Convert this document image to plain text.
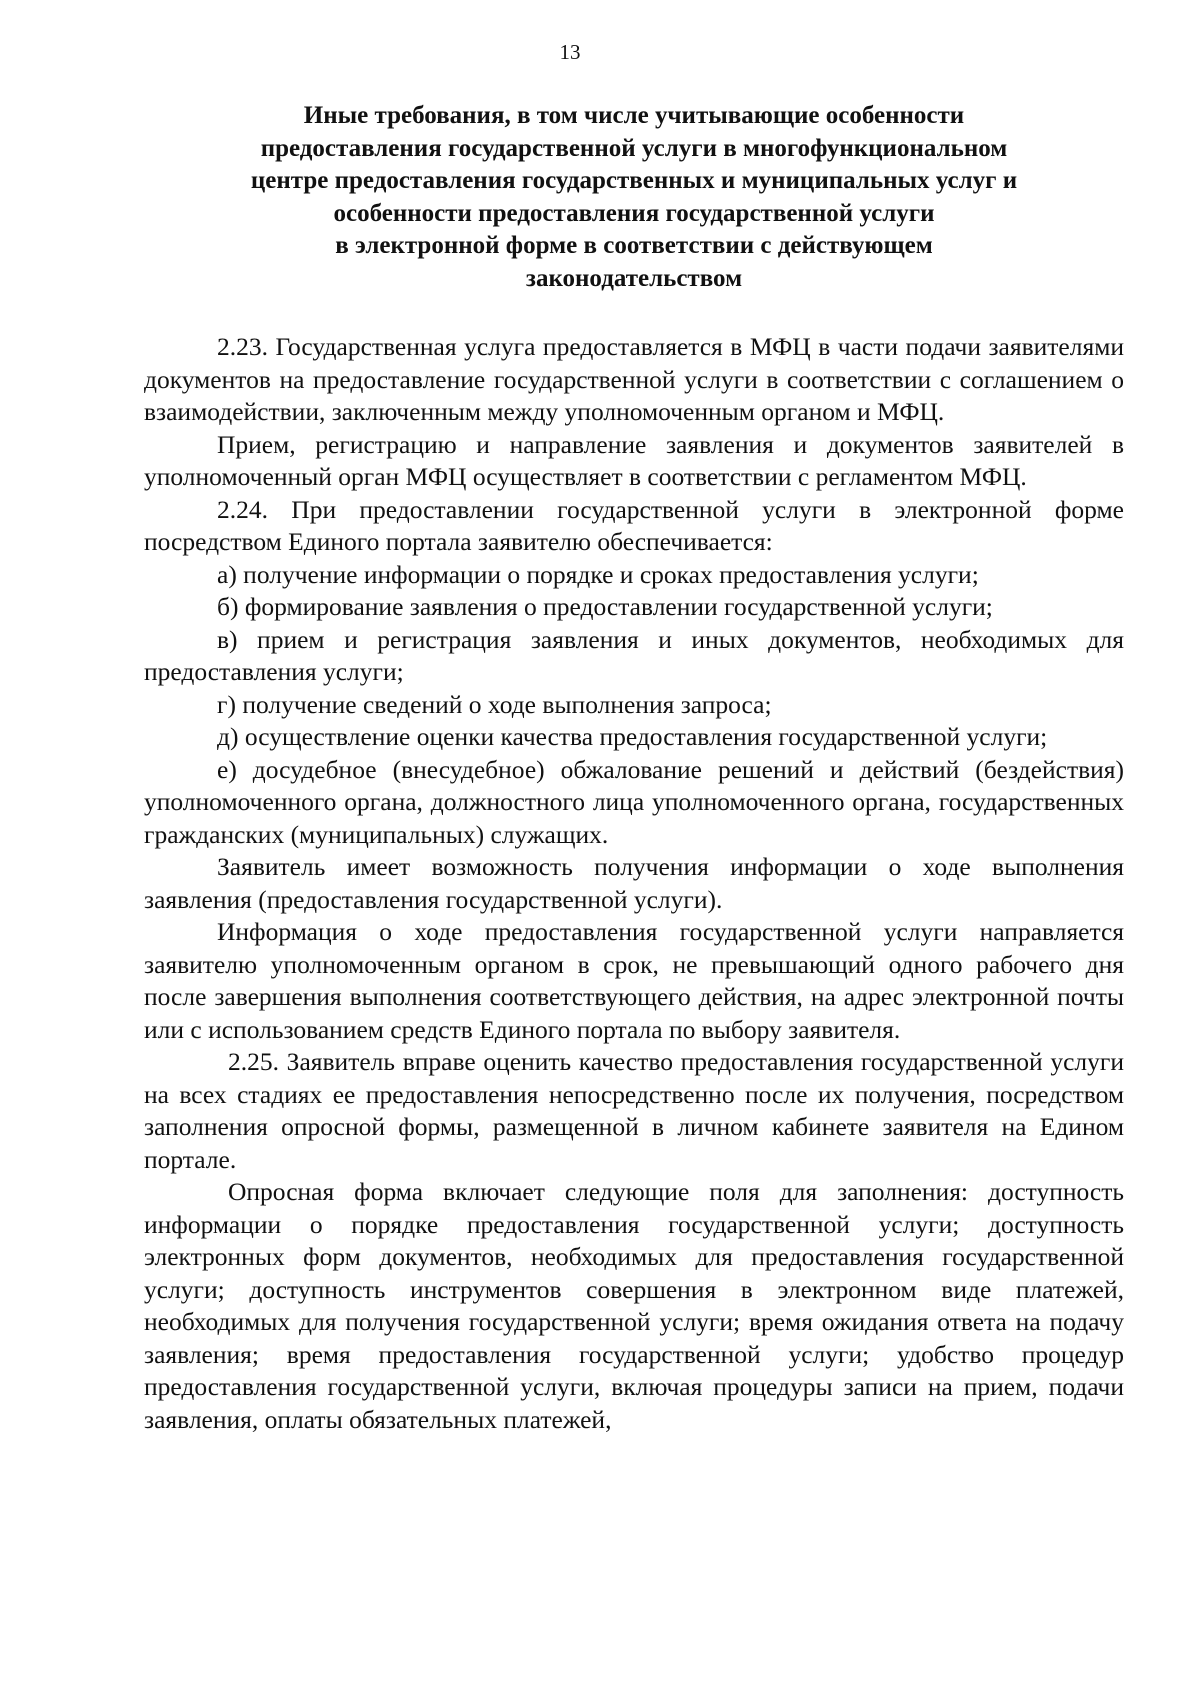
13
Иные требования, в том числе учитывающие особенности
предоставления государственной услуги в многофункциональном
центре предоставления государственных и муниципальных услуг и
особенности предоставления государственной услуги
в электронной форме в соответствии с действующем
законодательством

2.23. Государственная услуга предоставляется в МФЦ в части подачи заявителями документов на предоставление государственной услуги в соответствии с соглашением о взаимодействии, заключенным между уполномоченным органом и МФЦ.

Прием, регистрацию и направление заявления и документов заявителей в уполномоченный орган МФЦ осуществляет в соответствии с регламентом МФЦ.

2.24. При предоставлении государственной услуги в электронной форме посредством Единого портала заявителю обеспечивается:

а) получение информации о порядке и сроках предоставления услуги;

б) формирование заявления о предоставлении государственной услуги;

в) прием и регистрация заявления и иных документов, необходимых для предоставления услуги;

г) получение сведений о ходе выполнения запроса;

д) осуществление оценки качества предоставления государственной услуги;

е) досудебное (внесудебное) обжалование решений и действий (бездействия) уполномоченного органа, должностного лица уполномоченного органа, государственных гражданских (муниципальных) служащих.

Заявитель имеет возможность получения информации о ходе выполнения заявления (предоставления государственной услуги).

Информация о ходе предоставления государственной услуги направляется заявителю уполномоченным органом в срок, не превышающий одного рабочего дня после завершения выполнения соответствующего действия, на адрес электронной почты или с использованием средств Единого портала по выбору заявителя.

2.25. Заявитель вправе оценить качество предоставления государственной услуги на всех стадиях ее предоставления непосредственно после их получения, посредством заполнения опросной формы, размещенной в личном кабинете заявителя на Едином портале.

Опросная форма включает следующие поля для заполнения: доступность информации о порядке предоставления государственной услуги; доступность электронных форм документов, необходимых для предоставления государственной услуги; доступность инструментов совершения в электронном виде платежей, необходимых для получения государственной услуги; время ожидания ответа на подачу заявления; время предоставления государственной услуги; удобство процедур предоставления государственной услуги, включая процедуры записи на прием, подачи заявления, оплаты обязательных платежей,
